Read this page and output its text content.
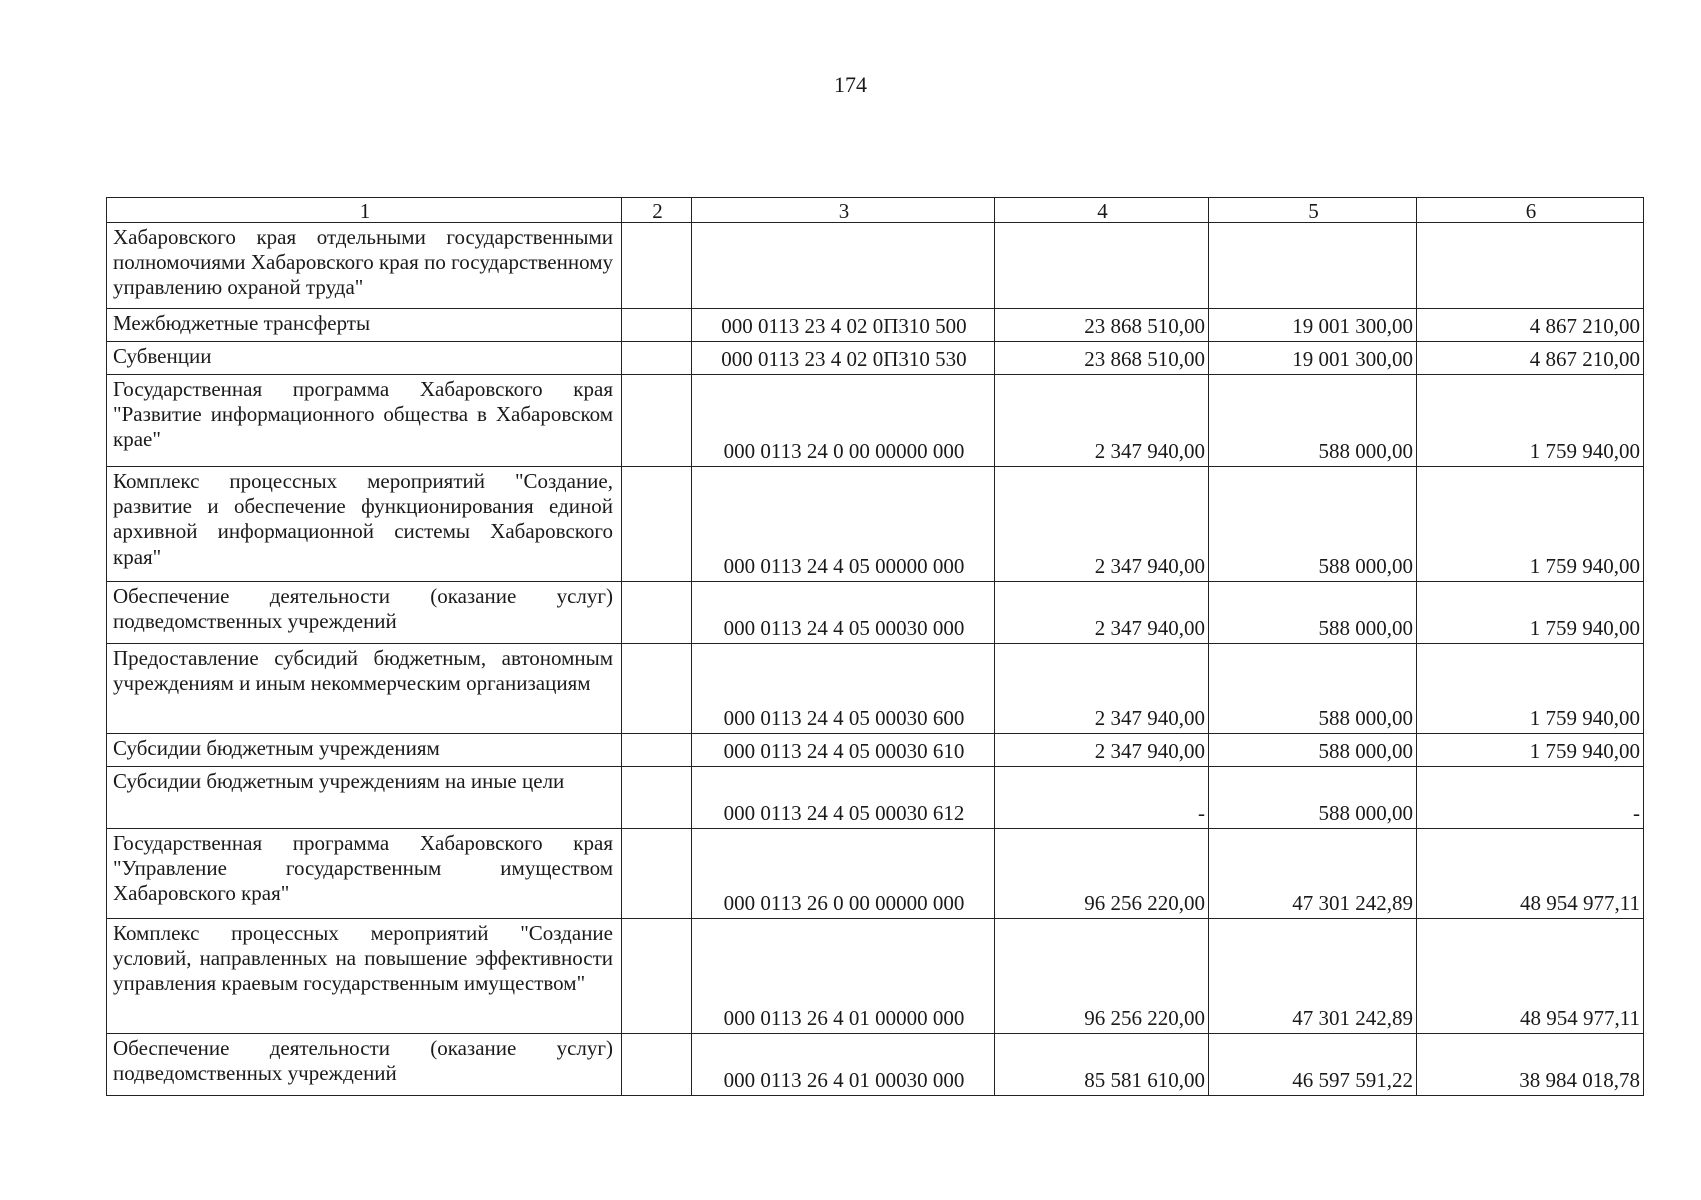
174
1	2	3	4	5	6
Хабаровского края отдельными государственными полномочиями Хабаровского края по государственному управлению охраной труда"					
Межбюджетные трансферты		000 0113 23 4 02 0П310 500	23 868 510,00	19 001 300,00	4 867 210,00
Субвенции		000 0113 23 4 02 0П310 530	23 868 510,00	19 001 300,00	4 867 210,00
Государственная программа Хабаровского края "Развитие информационного общества в Хабаровском крае"		000 0113 24 0 00 00000 000	2 347 940,00	588 000,00	1 759 940,00
Комплекс процессных мероприятий "Создание, развитие и обеспечение функционирования единой архивной информационной системы Хабаровского края"		000 0113 24 4 05 00000 000	2 347 940,00	588 000,00	1 759 940,00
Обеспечение деятельности (оказание услуг) подведомственных учреждений		000 0113 24 4 05 00030 000	2 347 940,00	588 000,00	1 759 940,00
Предоставление субсидий бюджетным, автономным учреждениям и иным некоммерческим организациям		000 0113 24 4 05 00030 600	2 347 940,00	588 000,00	1 759 940,00
Субсидии бюджетным учреждениям		000 0113 24 4 05 00030 610	2 347 940,00	588 000,00	1 759 940,00
Субсидии бюджетным учреждениям на иные цели		000 0113 24 4 05 00030 612	-	588 000,00	-
Государственная программа Хабаровского края "Управление государственным имуществом Хабаровского края"		000 0113 26 0 00 00000 000	96 256 220,00	47 301 242,89	48 954 977,11
Комплекс процессных мероприятий "Создание условий, направленных на повышение эффективности управления краевым государственным имуществом"		000 0113 26 4 01 00000 000	96 256 220,00	47 301 242,89	48 954 977,11
Обеспечение деятельности (оказание услуг) подведомственных учреждений		000 0113 26 4 01 00030 000	85 581 610,00	46 597 591,22	38 984 018,78
